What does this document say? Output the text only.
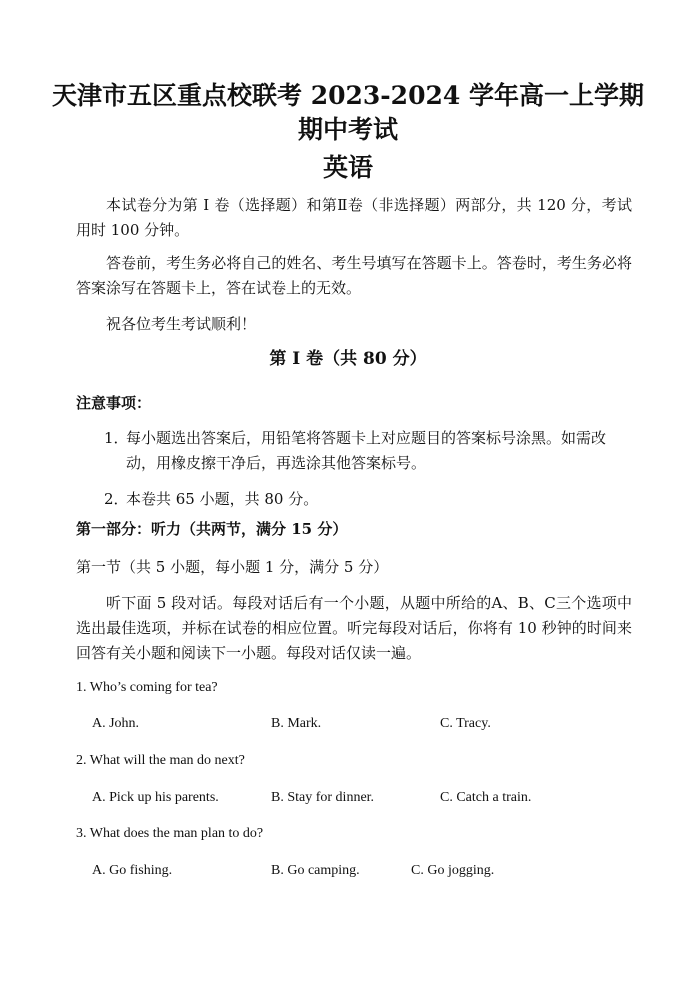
天津市五区重点校联考 2023-2024 学年高一上学期
期中考试
英语
本试卷分为第 I 卷（选择题）和第Ⅱ卷（非选择题）两部分，共 120 分，考试用时 100 分钟。
答卷前，考生务必将自己的姓名、考生号填写在答题卡上。答卷时，考生务必将答案涂写在答题卡上，答在试卷上的无效。
祝各位考生考试顺利！
第 I 卷（共 80 分）
注意事项：
1．
每小题选出答案后，用铅笔将答题卡上对应题目的答案标号涂黑。如需改动，用橡皮擦干净后，再选涂其他答案标号。
2．
本卷共 65 小题，共 80 分。
第一部分：听力（共两节，满分 15 分）
第一节（共 5 小题，每小题 1 分，满分 5 分）
听下面 5 段对话。每段对话后有一个小题，从题中所给的A、B、C三个选项中选出最佳选项，并标在试卷的相应位置。听完每段对话后，你将有 10 秒钟的时间来回答有关小题和阅读下一小题。每段对话仅读一遍。
1. Who’s coming for tea?
A. John.	B. Mark.	C. Tracy.
2. What will the man do next?
A. Pick up his parents.	B. Stay for dinner.	C. Catch a train.
3. What does the man plan to do?
A. Go fishing.	B. Go camping.	C. Go jogging.
